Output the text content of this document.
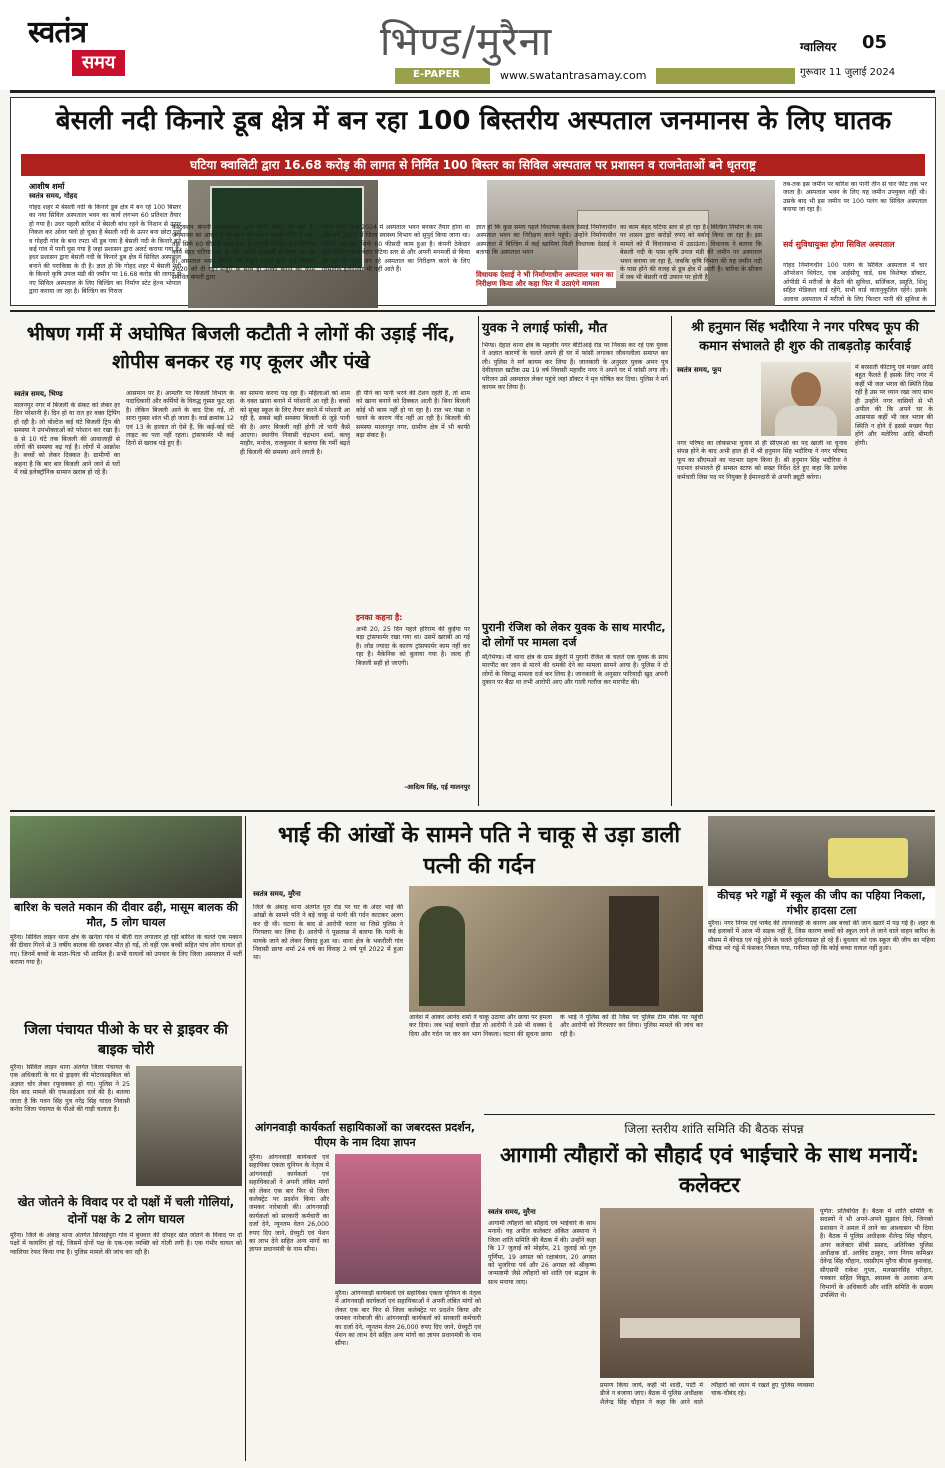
स्वतंत्र
समय	भिण्ड/मुरैना
E-PAPER	www.swatantrasamay.com
ग्वालियर 05
गुरूवार 11 जुलाई 2024
बेसली नदी किनारे डूब क्षेत्र में बन रहा 100 बिस्तरीय अस्पताल जनमानस के लिए घातक
घटिया क्वालिटी द्वारा 16.68 करोड़ की लागत से निर्मित 100 बिस्तर का सिविल अस्पताल पर प्रशासन व राजनेताओं बने धृतराष्ट्र
आशीष शर्मा
स्वतंत्र समय, गोहद
गोहद शहर में बेसली नदी के किनारे डूब क्षेत्र में बन रहे 100 बिस्तर का नया सिविल अस्पताल भवन का कार्य लगभग 60 प्रतिशत तैयार हो गया है। उधर पहली बारिश में बेसली बांध रहने के निशान से ऊपर निकल कर ओवर फ्लो हो चुका है बेसली नदी के ऊपर बना छोटा पुल व गोहदी गांव के बना रपटा भी डूब गया है बेसली नदी के किनारे बने कई गांव में पानी घुस गया है जहां प्रशासन द्वारा अलर्ट कराया गया है। इधर प्रशासन द्वारा बेसली नदी के किनारे डूब क्षेत्र में सिविल अस्पताल बनाने की पराकिष्ठा के दी है। ज्ञात हो कि गोहद शहर में बेसली नदी के किनारे कृषि उपज मंडी की जमीन पर 16.68 करोड़ की लागत से नए सिविल अस्पताल के लिए बिल्डिंग का निर्माण स्टेट हेल्थ भोपाल द्वारा कराया जा रहा है। बिल्डिंग का गिराज
तब-तक इस जमीन पर बारिश का पानी तीन से चार फीट तक भर जाता है। अस्पताल भवन के लिए यह जमीन उपयुक्त नहीं थी। उसके बाद भी इस जमीन पर 100 पलंग का सिविल अस्पताल बनाया जा रहा है।
सर्व सुविधायुक्त होगा सिविल अस्पताल
गोहद निर्माणधीन 100 पलंग के सिविल अस्पताल में चार ऑपरेशन थियेटर, एक आईसीयू वार्ड, सब विशेषज्ञ डॉक्टर, ओपीडी में मरीजों के बैठने की सुविधा, सर्जिकल, प्रसूति, शिशु सहित मेडिकल वार्ड रहेंगे, सभी वार्ड वातानुकूलित रहेंगे। इसके अलावा अस्पताल में मरीजों के लिए फिल्टर पानी की सुविधा के
कंस्ट्रक्शन कंपनी अशोकनगर द्वारा तैयार किया जा रहा है। जनमानस का आरोप है कि काम को रफ्तार काफी धीमी है अब-तक सिर्फ 60 फीसदी काम हुआ है। कंपनी ठेकेदार द्वारा निर्माण कार्य बेहद घटिया स्तर से और अपनी मनमर्जी से किया जा रहा है। अस्पताल भवन निर्माण को मंजूरी शासन द्वारा 29 सितंबर 2020 को दी गई। मंजूरी के साथ ही उनको बनाने का काम संबंधित कंपनी द्वारा
किया गया। मार्च 2024 में अस्पताल भवन बनकर तैयार होना था और वर्ष 2025 में जिला स्वास्थ्य विभाग को सुपुर्द किया जाना था। लेकिन अब-तक सिर्फ 60 फीसदी काम हुआ है। कंपनी ठेकेदार द्वारा निर्माण कार्य बेहद घटिया स्तर से और अपनी मनमर्जी से किया जा रहा है। बाढ़ी बन रहे अस्पताल का निरीक्षण करने के लिए विभागीय इंजीनियर भी नहीं आते हैं।
विधायक देसाई ने भी निर्माणाधीन अस्पताल भवन का निरीक्षण किया और कहा फिर में उठाएंगे मामला
का काम बेहद घटिया स्तर से हो रहा है। बिल्डिंग निर्माण के नाम पर शासन द्वारा करोड़ों रुपए को बर्बाद किया जा रहा है। इस मामले को मैं विधानसभा में उठाऊंगा। विधायक ने बताया कि बेसली नदी के पास कृषि उपज मंडी की जमीन पर अस्पताल भवन बनाया जा रहा है, जबकि कृषि विभाग की यह जमीन नदी के पास होने की वजह से डूब क्षेत्र में आती है। बारिश के सीजन में जब भी बेसली नदी उफान पर होती है
ज्ञात हो कि कुछ समय पहले विधायक केशव देसाई निर्माणाधीन अस्पताल भवन का निरीक्षण करने पहुंचे। उन्होंने निर्माणाधीन अस्पताल में बिल्डिंग में कई खामियां मिली विधायक देसाई ने बताया कि अस्पताल भवन
भीषण गर्मी में अघोषित बिजली कटौती ने लोगों की उड़ाई नींद, शोपीस बनकर रह गए कूलर और पंखे
स्वतंत्र समय, भिण्ड
मालनपुर नगर में बिजली के संकट को लेकर हर दिन परेशानी है। दिन हो या रात हर वक्त ट्रिपिंग हो रही है। लो वोल्टेज कई घंटे बिजली ट्रिप की समस्या ने उपभोक्ताओं को परेशान कर रखा है। 8 से 10 घंटे तक बिजली की आवाजाही से लोगों की समस्या बढ़ गई है। लोगों में आक्रोश है। बच्चों को लेकर दिक्कत है। ग्रामीणों का कहना है कि बार बार बिजली आने जाने से घरों में रखे इलेक्ट्रॉनिक सामान खराब हो रहे हैं।
आसमान पर है। आमतौर पर बिजली विभाग के पदाधिकारी और कर्मियों के विरुद्ध गुस्सा फूट रहा है। लेकिन बिजली आने के बाद टिक गई, तो सारा गुस्सा शांत भी हो जाता है। वार्ड क्रमांक 12 एवं 13 के हालात तो ऐसे हैं, कि कई-कई घंटे लाइट का पता नहीं रहता। ट्रांसफार्मर भी कई दिनों से खराब पड़े हुए हैं।
का सामना करना पड़ रहा है। महिलाओं को शाम के वक्त खाना बनाने में परेशानी आ रही है। बच्चों को सुबह स्कूल के लिए तैयार करने में परेशानी आ रही है, सबसे बड़ी समस्या बिजली से जुड़े पानी की है। अगर बिजली नहीं होगी तो पानी कैसे आएगा। स्थानीय निवासी चंद्रभान शर्मा, बल्लू माहौर, मनोज, राजकुमार ने बताया कि गर्मी बढ़ते ही बिजली की समस्या आने लगती है।
ही पीने का पानी भरने की टेंशन रहती है, तो शाम को खाना बनाने को दिक्कत आती है। बिना बिजली कोई भी काम नहीं हो पा रहा है। रात भर पंखा न चलने के कारण नींद नहीं आ रही है। बिजली की समस्या मालनपुर नगर, ग्रामीण क्षेत्र में भी काफी बढ़ा संकट है।
इनका कहना है:
अभी 20, 25 दिन पहले हरिराम की कुईया पर बड़ा ट्रांसफार्मर रखा गया था। उसमें खराबी आ गई है। लोड ज्यादा के कारण ट्रांसफार्मर काम नहीं कर रहा है। मैकेनिक को बुलाया गया है। जल्द ही बिजली सही हो जाएगी।
-आदित्य सिंह, एई मालनपुर
युवक ने लगाई फांसी, मौत
भिण्ड। देहात थाना क्षेत्र के महावीर नगर बीटीआई रोड पर निवास कर रहे एक युवक ने अज्ञात कारणों के चलते अपने ही घर में फांसी लगाकर जीवनलीला समाप्त कर ली। पुलिस ने मर्ग कायम कर लिया है। जानकारी के अनुसार युवक अमन पुत्र देवीदयाल खटीक उम्र 19 वर्ष निवासी महावीर नगर ने अपने घर में फांसी लगा ली। परिजन उसे अस्पताल लेकर पहुंचे जहां डॉक्टर ने मृत घोषित कर दिया। पुलिस ने मर्ग कायम कर लिया है।
पुरानी रंजिश को लेकर युवक के साथ मारपीट, दो लोगों पर मामला दर्ज
मौ/भिण्ड। मौ थाना क्षेत्र के ग्राम डेंकुरी में पुरानी रंजिश के चलते एक युवक के साथ मारपीट कर जान से मारने की धमकी देने का मामला सामने आया है। पुलिस ने दो लोगों के विरुद्ध मामला दर्ज कर लिया है। जानकारी के अनुसार फरियादी खुद अपनी दुकान पर बैठा था तभी आरोपी आए और गाली गलौज कर मारपीट की।
श्री हनुमान सिंह भदौरिया ने नगर परिषद फूप की कमान संभालते ही शुरु की ताबड़तोड़ कार्रवाई
स्वतंत्र समय, फूप
नगर परिषद का लोकसभा चुनाव से ही सीएमओ का पद खाली था चुनाव संपन्न होने के बाद अभी हाल ही में श्री हनुमान सिंह भदौरिया ने नगर परिषद फूप का सीएमओ का पदभार ग्रहण किया है। श्री हनुमान सिंह भदौरिया ने पदभार संभालते ही समस्त स्टाफ को सख्त निर्देश देते हुए कहा कि प्रत्येक कर्मचारी जिस पद पर नियुक्त है ईमानदारी से अपनी ड्यूटी करेगा।
में बरसाती कीटाणु एवं मच्छर आदि बहुत फैलते हैं इसके लिए नगर में कहीं भी जल भराव की स्थिति दिख रही है उस पर ध्यान रखा जाए साथ ही उन्होंने नगर वासियों से भी अपील की कि अपने घर के आसपास कहीं भी जल भराव की स्थिति न होने दें इससे मच्छर पैदा होंगे और मलेरिया आदि बीमारी होगी।
बारिश के चलते मकान की दीवार ढही, मासूम बालक की मौत, 5 लोग घायल
मुरैना। सिविल लाइन थाना क्षेत्र के खनेता गांव में बीती रात लगातार हो रही बारिश के चलते एक मकान की दीवार गिरने से 3 वर्षीय बालक की दबकर मौत हो गई, तो वहीं एक बच्ची सहित पांच लोग घायल हो गए। जिनमें बच्चों के माता-पिता भी शामिल हैं। सभी घायलों को उपचार के लिए जिला अस्पताल में भर्ती कराया गया है।
जिला पंचायत पीओ के घर से ड्राइवर की बाइक चोरी
मुरैना। सिविल लाइन थाना अंतर्गत जिला पंचायत के एक अधिकारी के घर से ड्राइवर की मोटरसाइकिल को अज्ञात चोर लेकर रफूचक्कर हो गए। पुलिस ने 25 दिन बाद मामले की एफआईआर दर्ज की है। बताया जाता है कि पवन सिंह पुत्र नरेंद्र सिंह यादव निवासी कनेरा जिला पंचायत के पीओ की गाड़ी चलाता है।
खेत जोतने के विवाद पर दो पक्षों में चली गोलियां, दोनों पक्ष के 2 लोग घायल
मुरैना। जिले के अंबाह थाना अंतर्गत सिरसईपुरा गांव में बुधवार की दोपहर खेत जोतने के विवाद पर दो पक्षों में फायरिंग हो गई, जिसमें दोनों पक्ष के एक-एक व्यक्ति को गोली लगी है। एक गंभीर घायल को ग्वालियर रेफर किया गया है। पुलिस मामले की जांच कर रही है।
भाई की आंखों के सामने पति ने चाकू से उड़ा डाली पत्नी की गर्दन
स्वतंत्र समय, मुरैना
जिले के अंबाह थाना अंतर्गत पुरा रोड पर घर के अंदर भाई की आंखों के सामने पति ने बड़े चाकू से पत्नी की गर्दन काटकर अलग कर दी थी। घटना के बाद से आरोपी फरार था जिसे पुलिस ने गिरफ्तार कर लिया है। आरोपी ने पूछताछ में बताया कि पत्नी के मायके जाने को लेकर विवाद हुआ था। थाना क्षेत्र के भकरौली गांव निवासी छाया शर्मा 24 वर्ष का विवाह 2 वर्ष पूर्व 2022 में हुआ था।
आवेश में आकर आनंद शर्मा ने चाकू उठाया और छाया पर हमला कर दिया। जब भाई बचाने दौड़ा तो आरोपी ने उसे भी धक्का दे दिया और गर्दन पर वार कर भाग निकला। घटना की सूचना छाया के भाई ने पुलिस को दी जिस पर पुलिस टीम मौके पर पहुंची और आरोपी को गिरफ्तार कर लिया। पुलिस मामले की जांच कर रही है।
आंगनवाड़ी कार्यकर्ता सहायिकाओं का जबरदस्त प्रदर्शन, पीएम के नाम दिया ज्ञापन
मुरैना। आंगनवाड़ी कार्यकर्ता एवं सहायिका एकता यूनियन के नेतृत्व में आंगनवाड़ी कार्यकर्ता एवं सहायिकाओं ने अपनी लंबित मांगों को लेकर एक बार फिर से जिला कलेक्ट्रेट पर प्रदर्शन किया और जमकर नारेबाजी की। आंगनवाड़ी कार्यकर्ता को सरकारी कर्मचारी का दर्जा देने, न्यूनतम वेतन 26,000 रुपए दिए जाने, ग्रेच्युटी एवं पेंशन का लाभ देने सहित अन्य मांगों का ज्ञापन प्रधानमंत्री के नाम सौंपा।
मुरैना। आंगनवाड़ी कार्यकर्ता एवं सहायिका एकता यूनियन के नेतृत्व में आंगनवाड़ी कार्यकर्ता एवं सहायिकाओं ने अपनी लंबित मांगों को लेकर एक बार फिर से जिला कलेक्ट्रेट पर प्रदर्शन किया और जमकर नारेबाजी की। आंगनवाड़ी कार्यकर्ता को सरकारी कर्मचारी का दर्जा देने, न्यूनतम वेतन 26,000 रुपए दिए जाने, ग्रेच्युटी एवं पेंशन का लाभ देने सहित अन्य मांगों का ज्ञापन प्रधानमंत्री के नाम सौंपा।
कीचड़ भरे गड्ढों में स्कूल की जीप का पहिया निकला, गंभीर हादसा टला
मुरैना। नगर निगम एवं पार्षद की लापरवाही के कारण अब बच्चों की जान खतरे में पड़ गई है। शहर के कई इलाकों में आज भी सड़क नहीं हैं, जिस कारण बच्चों को स्कूल लाने ले जाने वाले वाहन बारिश के मौसम में कीचड़ एवं गड्ढे होने के चलते दुर्घटनाग्रस्त हो रहे हैं। बुधवार को एक स्कूल की जीप का पहिया कीचड़ भरे गड्ढे में फंसकर निकल गया, गनीमत रही कि कोई बच्चा घायल नहीं हुआ।
जिला स्तरीय शांति समिति की बैठक संपन्न
आगामी त्यौहारों को सौहार्द एवं भाईचारे के साथ मनायें: कलेक्टर
स्वतंत्र समय, मुरैना
आगामी त्यौहारों को सौहार्द एवं भाईचारे के साथ मनायें। यह अपील कलेक्टर अंकित अस्थाना ने जिला शांति समिति की बैठक में की। उन्होंने कहा कि 17 जुलाई को मोहर्रम, 21 जुलाई को गुरु पूर्णिमा, 19 अगस्त को रक्षाबंधन, 20 अगस्त को भुजरिया पर्व और 26 अगस्त को श्रीकृष्ण जन्माष्टमी जैसे त्यौहारों को शांति एवं सद्भाव के साथ मनाया जाए।
प्रमाण किया जाये, कहीं भी शादी, पार्टी में डीजे न बजाया जाए। बैठक में पुलिस अधीक्षक शैलेन्द्र सिंह चौहान ने कहा कि आने वाले त्यौहारों को ध्यान में रखते हुए पुलिस व्यवस्था चाक-चौबंद रहे।
पूर्णत: प्रतिबंधित है। बैठक में शांति समिति के सदस्यों ने भी अपने-अपने सुझाव दिये, जिनको प्रशासन ने अमल में लाने का आश्वासन भी दिया है। बैठक में पुलिस अधीक्षक शैलेन्द्र सिंह चौहान, अपर कलेक्टर सीबी प्रसाद, अतिरिक्त पुलिस अधीक्षक डॉ. अरविंद ठाकुर, नगर निगम कमिश्नर देवेन्द्र सिंह चौहान, एसडीएम मुरैना बीएस कुशवाह, सीएसपी राकेश गुप्ता, मलखानसिंह परिहार, पत्रकार सहित विद्युत, स्वास्थ्य के अलावा अन्य विभागों के अधिकारी और शांति समिति के सदस्य उपस्थित थे।
